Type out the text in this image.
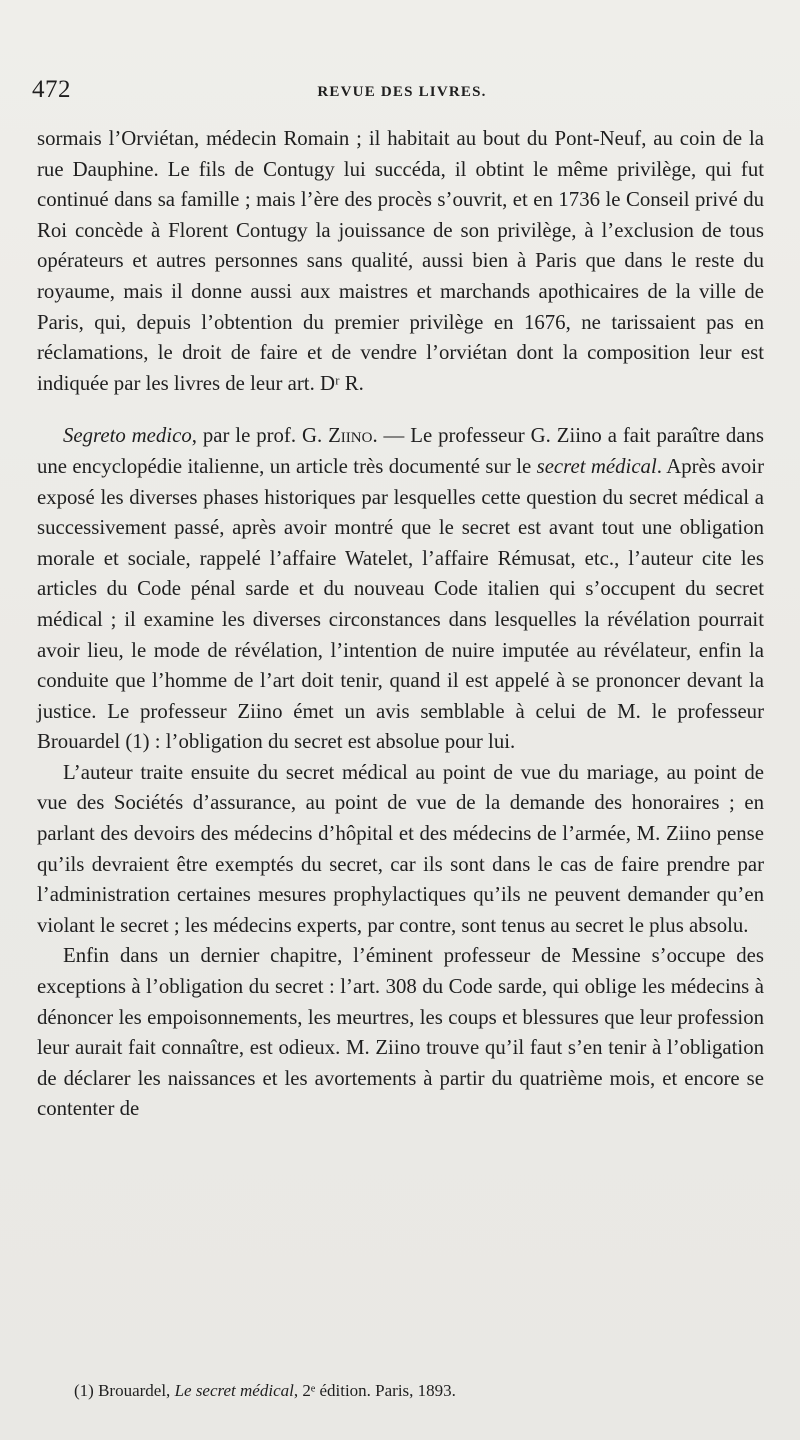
472	REVUE DES LIVRES.

sormais l’Orviétan, médecin Romain ; il habitait au bout du Pont-Neuf, au coin de la rue Dauphine. Le fils de Contugy lui succéda, il obtint le même privilège, qui fut continué dans sa famille ; mais l’ère des procès s’ouvrit, et en 1736 le Conseil privé du Roi concède à Florent Contugy la jouissance de son privilège, à l’exclusion de tous opérateurs et autres personnes sans qualité, aussi bien à Paris que dans le reste du royaume, mais il donne aussi aux maistres et marchands apothicaires de la ville de Paris, qui, depuis l’obtention du premier privilège en 1676, ne tarissaient pas en réclamations, le droit de faire et de vendre l’orviétan dont la composition leur est indiquée par les livres de leur art. Dʳ R.

Segreto medico, par le prof. G. Ziino. — Le professeur G. Ziino a fait paraître dans une encyclopédie italienne, un article très documenté sur le secret médical. Après avoir exposé les diverses phases historiques par lesquelles cette question du secret médical a successivement passé, après avoir montré que le secret est avant tout une obligation morale et sociale, rappelé l’affaire Watelet, l’affaire Rémusat, etc., l’auteur cite les articles du Code pénal sarde et du nouveau Code italien qui s’occupent du secret médical ; il examine les diverses circonstances dans lesquelles la révélation pourrait avoir lieu, le mode de révélation, l’intention de nuire imputée au révélateur, enfin la conduite que l’homme de l’art doit tenir, quand il est appelé à se prononcer devant la justice. Le professeur Ziino émet un avis semblable à celui de M. le professeur Brouardel (1) : l’obligation du secret est absolue pour lui.

L’auteur traite ensuite du secret médical au point de vue du mariage, au point de vue des Sociétés d’assurance, au point de vue de la demande des honoraires ; en parlant des devoirs des médecins d’hôpital et des médecins de l’armée, M. Ziino pense qu’ils devraient être exemptés du secret, car ils sont dans le cas de faire prendre par l’administration certaines mesures prophylactiques qu’ils ne peuvent demander qu’en violant le secret ; les médecins experts, par contre, sont tenus au secret le plus absolu.

Enfin dans un dernier chapitre, l’éminent professeur de Messine s’occupe des exceptions à l’obligation du secret : l’art. 308 du Code sarde, qui oblige les médecins à dénoncer les empoisonnements, les meurtres, les coups et blessures que leur profession leur aurait fait connaître, est odieux. M. Ziino trouve qu’il faut s’en tenir à l’obligation de déclarer les naissances et les avortements à partir du quatrième mois, et encore se contenter de

(1) Brouardel, Le secret médical, 2ᵉ édition. Paris, 1893.
